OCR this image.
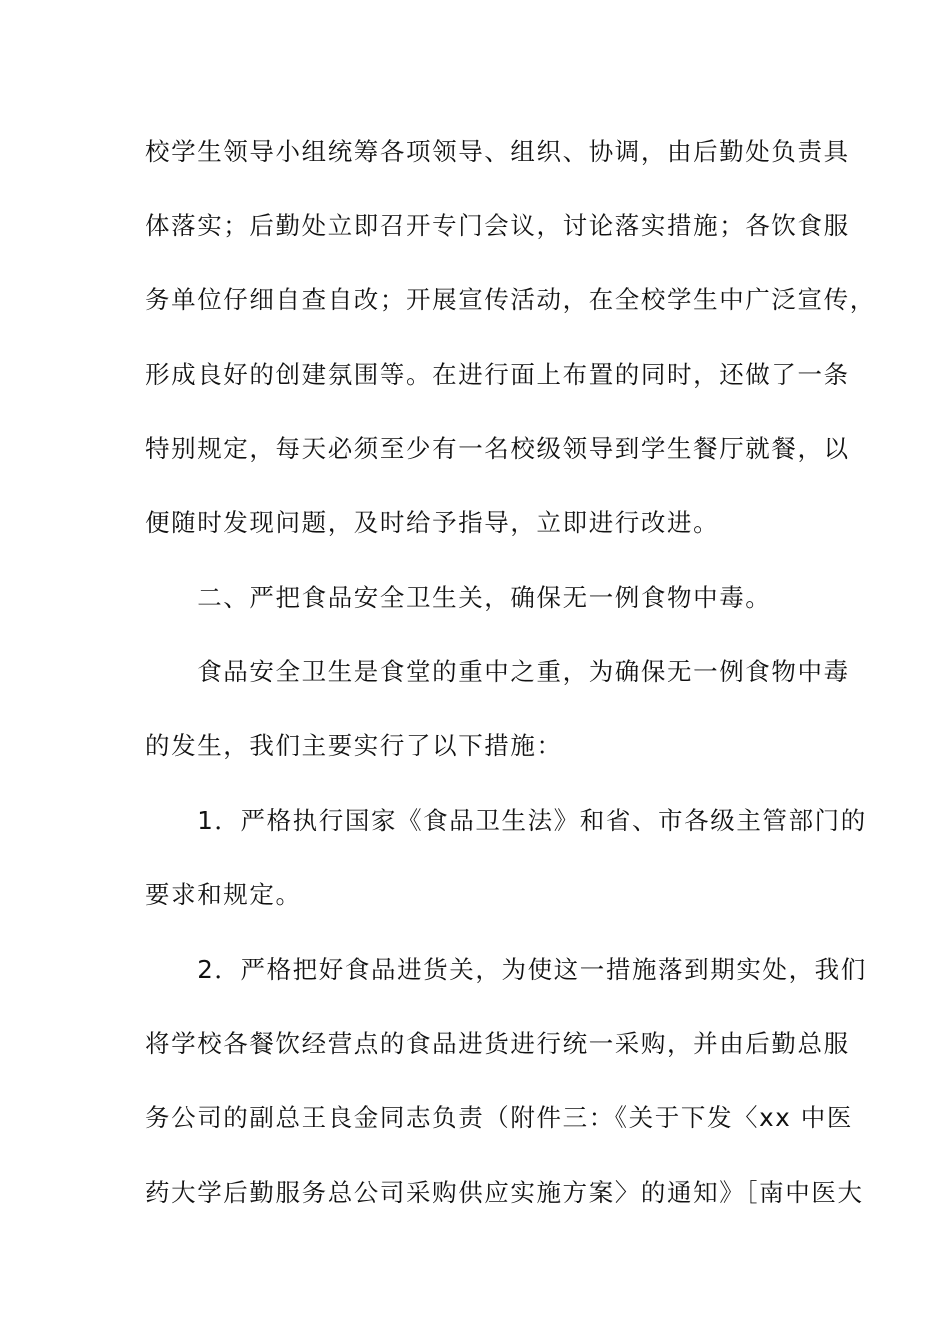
校学生领导小组统筹各项领导、组织、协调，由后勤处负责具
体落实；后勤处立即召开专门会议，讨论落实措施；各饮食服
务单位仔细自查自改；开展宣传活动，在全校学生中广泛宣传，
形成良好的创建氛围等。在进行面上布置的同时，还做了一条
特别规定，每天必须至少有一名校级领导到学生餐厅就餐，以
便随时发现问题，及时给予指导，立即进行改进。
　　二、严把食品安全卫生关，确保无一例食物中毒。
　　食品安全卫生是食堂的重中之重，为确保无一例食物中毒
的发生，我们主要实行了以下措施：
　　1．严格执行国家《食品卫生法》和省、市各级主管部门的
要求和规定。
　　2．严格把好食品进货关，为使这一措施落到期实处，我们
将学校各餐饮经营点的食品进货进行统一采购，并由后勤总服
务公司的副总王良金同志负责（附件三：《关于下发〈xx 中医
药大学后勤服务总公司采购供应实施方案〉的通知》［南中医大
